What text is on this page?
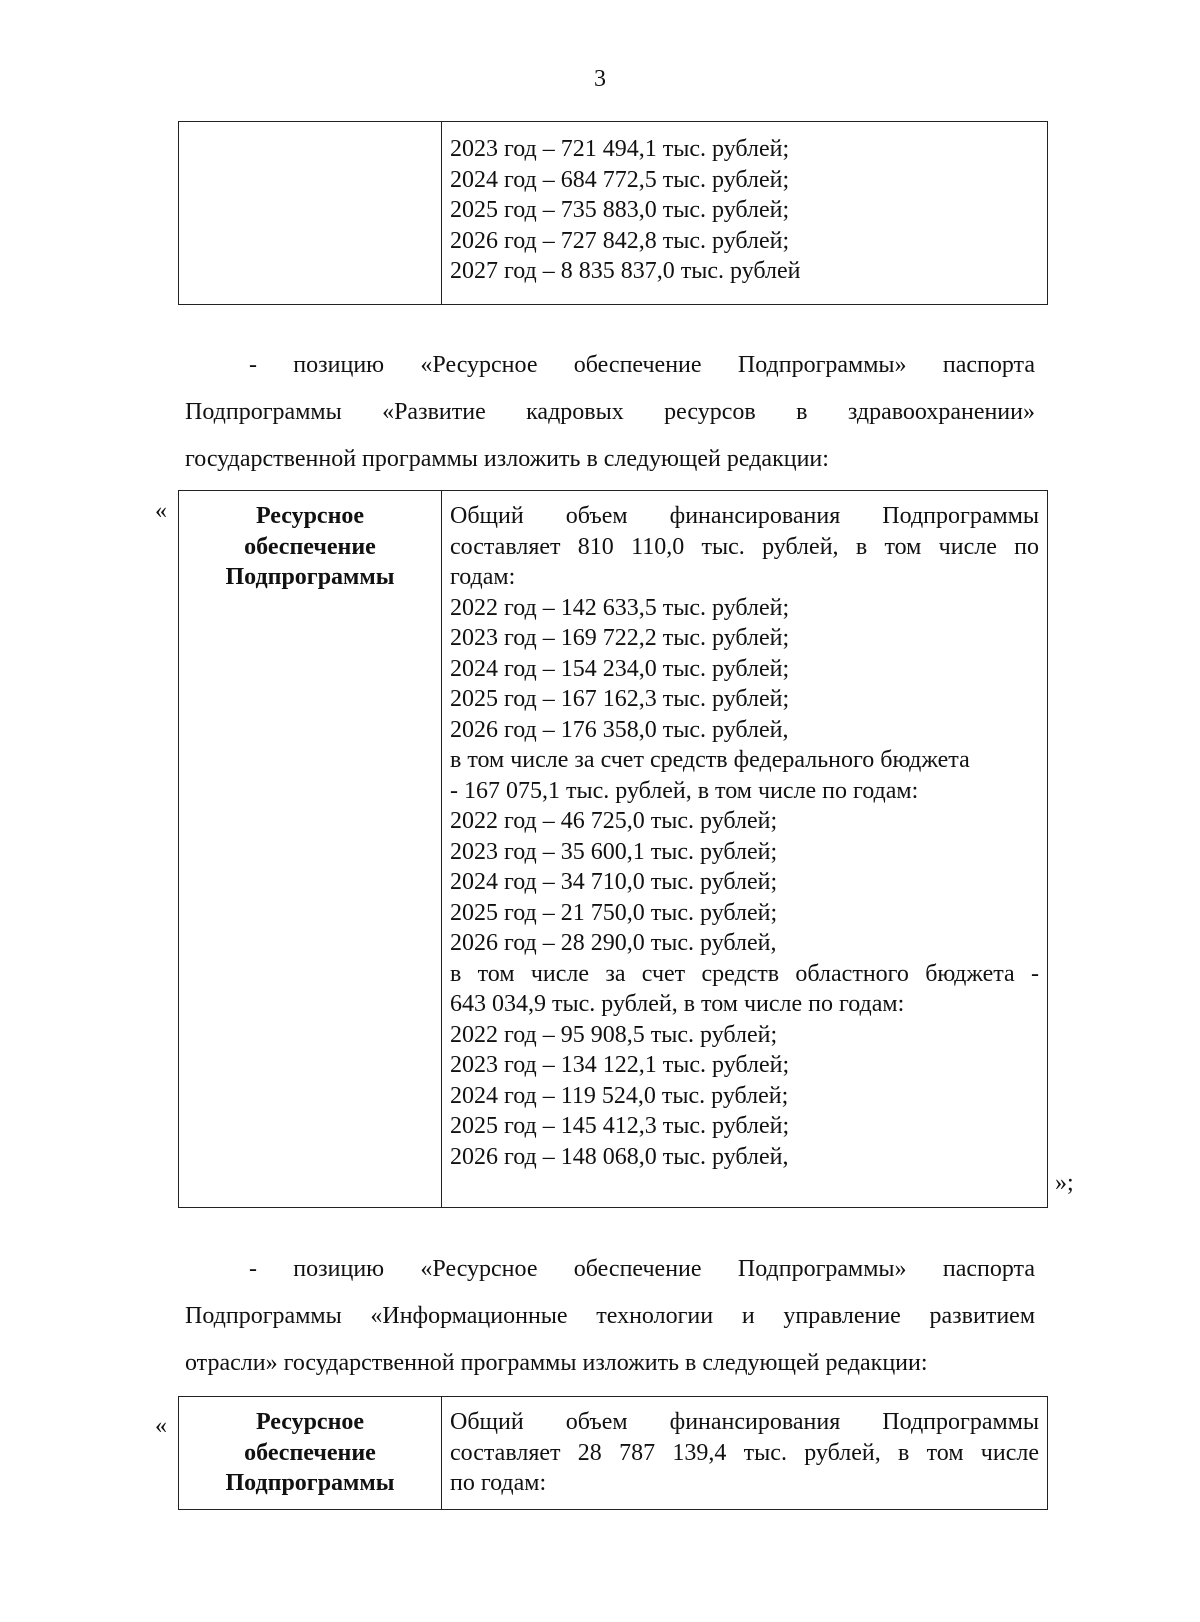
3

2023 год – 721 494,1 тыс. рублей;
2024 год – 684 772,5 тыс. рублей;
2025 год – 735 883,0 тыс. рублей;
2026 год – 727 842,8 тыс. рублей;
2027 год – 8 835 837,0 тыс. рублей
- позицию «Ресурсное обеспечение Подпрограммы» паспорта
Подпрограммы «Развитие кадровых ресурсов в здравоохранении»
государственной программы изложить в следующей редакции:
«	Ресурсное
обеспечение
Подпрограммы

Общий объем финансирования Подпрограммы
составляет 810 110,0 тыс. рублей, в том числе по
годам:
2022 год – 142 633,5 тыс. рублей;
2023 год – 169 722,2 тыс. рублей;
2024 год – 154 234,0 тыс. рублей;
2025 год – 167 162,3 тыс. рублей;
2026 год – 176 358,0 тыс. рублей,
в том числе за счет средств федерального бюджета
- 167 075,1 тыс. рублей, в том числе по годам:
2022 год – 46 725,0 тыс. рублей;
2023 год – 35 600,1 тыс. рублей;
2024 год – 34 710,0 тыс. рублей;
2025 год – 21 750,0 тыс. рублей;
2026 год – 28 290,0 тыс. рублей,
в том числе за счет средств областного бюджета -
643 034,9 тыс. рублей, в том числе по годам:
2022 год – 95 908,5 тыс. рублей;
2023 год – 134 122,1 тыс. рублей;
2024 год – 119 524,0 тыс. рублей;
2025 год – 145 412,3 тыс. рублей;
2026 год – 148 068,0 тыс. рублей,
»;
- позицию «Ресурсное обеспечение Подпрограммы» паспорта
Подпрограммы «Информационные технологии и управление развитием
отрасли» государственной программы изложить в следующей редакции:
«	Ресурсное
обеспечение
Подпрограммы

Общий объем финансирования Подпрограммы
составляет 28 787 139,4 тыс. рублей, в том числе
по годам:
